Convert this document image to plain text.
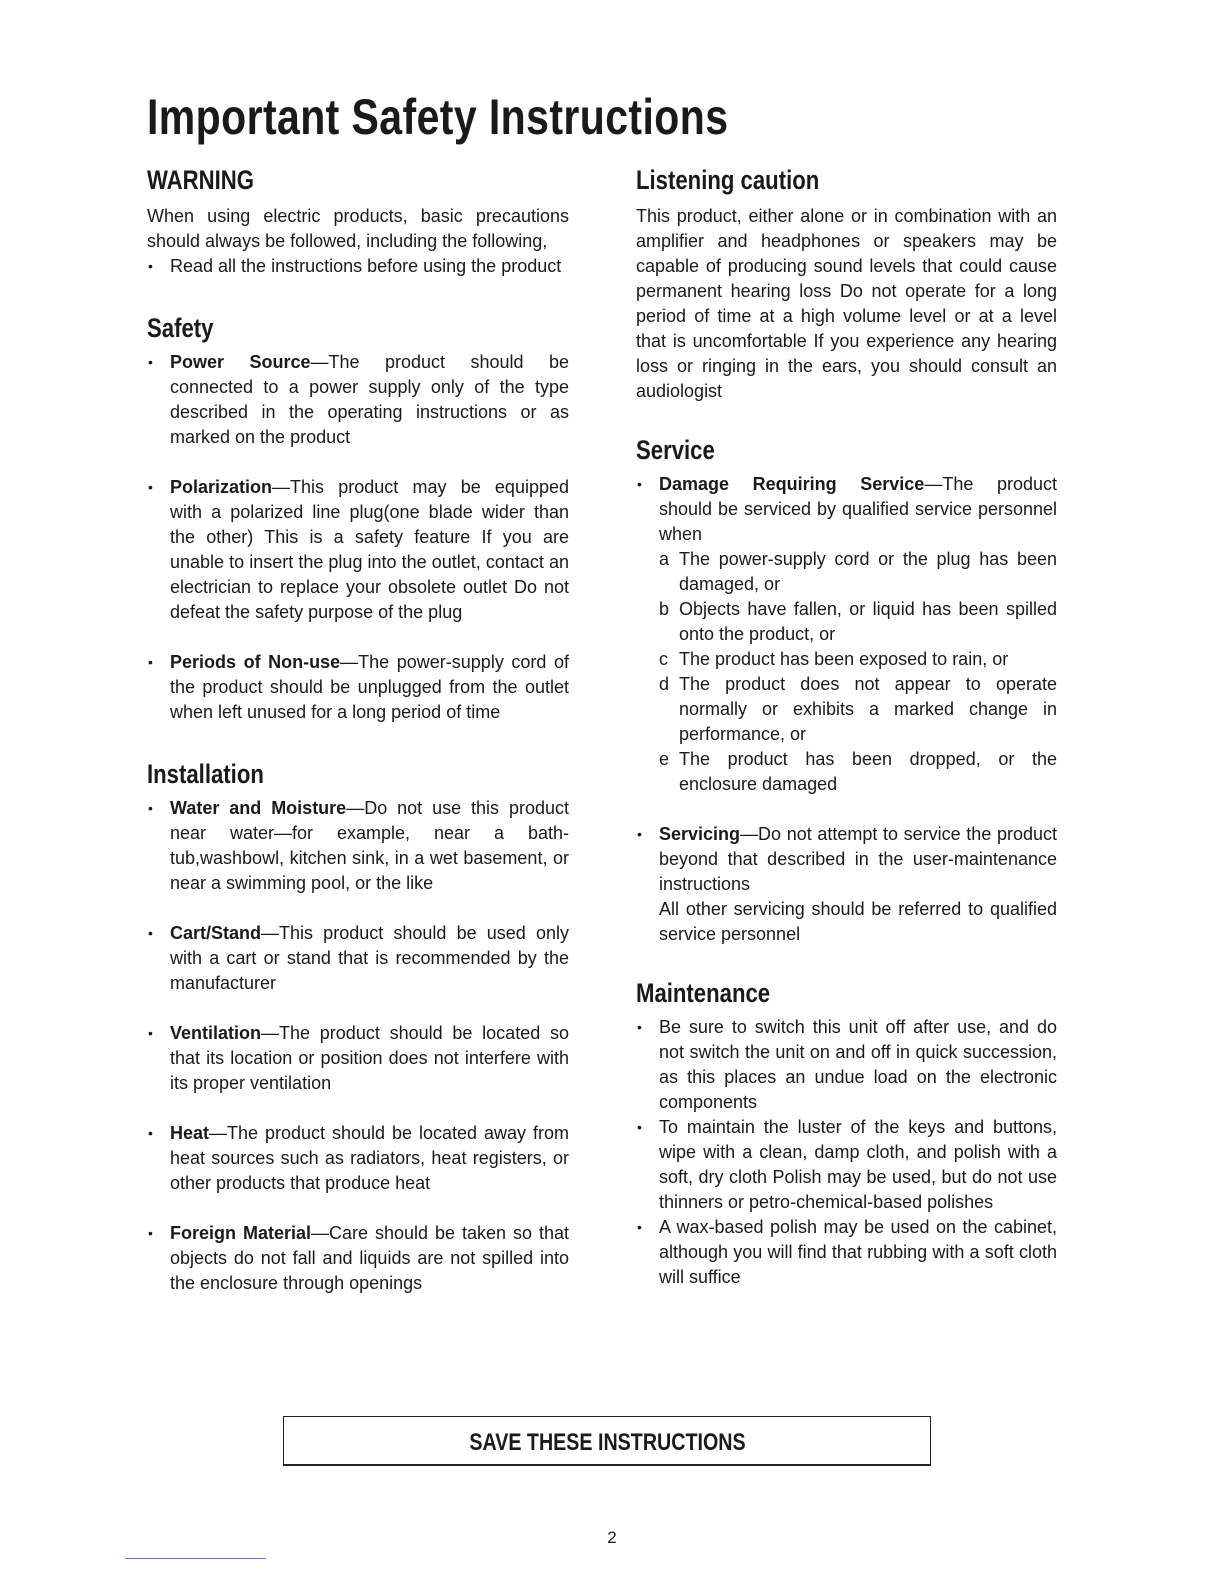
Important Safety Instructions
WARNING

When using electric products, basic precautions should always be followed, including the following,

• Read all the instructions before using the product
Safety
• Power Source—The product should be connected to a power supply only of the type described in the operating instructions or as marked on the product
• Polarization—This product may be equipped with a polarized line plug(one blade wider than the other) This is a safety feature If you are unable to insert the plug into the outlet, contact an electrician to replace your obsolete outlet Do not defeat the safety purpose of the plug
• Periods of Non-use—The power-supply cord of the product should be unplugged from the outlet when left unused for a long period of time
Installation
• Water and Moisture—Do not use this product near water—for example, near a bath-tub,washbowl, kitchen sink, in a wet basement, or near a swimming pool, or the like
• Cart/Stand—This product should be used only with a cart or stand that is recommended by the manufacturer
• Ventilation—The product should be located so that its location or position does not interfere with its proper ventilation
• Heat—The product should be located away from heat sources such as radiators, heat registers, or other products that produce heat
• Foreign Material—Care should be taken so that objects do not fall and liquids are not spilled into the enclosure through openings
Listening caution

This product, either alone or in combination with an amplifier and headphones or speakers may be capable of producing sound levels that could cause permanent hearing loss Do not operate for a long period of time at a high volume level or at a level that is uncomfortable If you experience any hearing loss or ringing in the ears, you should consult an audiologist

Service
• Damage Requiring Service—The product should be serviced by qualified service personnel when
a The power-supply cord or the plug has been damaged, or
b Objects have fallen, or liquid has been spilled onto the product, or
c The product has been exposed to rain, or
d The product does not appear to operate normally or exhibits a marked change in performance, or
e The product has been dropped, or the enclosure damaged
• Servicing—Do not attempt to service the product beyond that described in the user-maintenance instructions
All other servicing should be referred to qualified service personnel
Maintenance
• Be sure to switch this unit off after use, and do not switch the unit on and off in quick succession, as this places an undue load on the electronic components
• To maintain the luster of the keys and buttons, wipe with a clean, damp cloth, and polish with a soft, dry cloth Polish may be used, but do not use thinners or petro-chemical-based polishes
• A wax-based polish may be used on the cabinet, although you will find that rubbing with a soft cloth will suffice
SAVE THESE INSTRUCTIONS
2
